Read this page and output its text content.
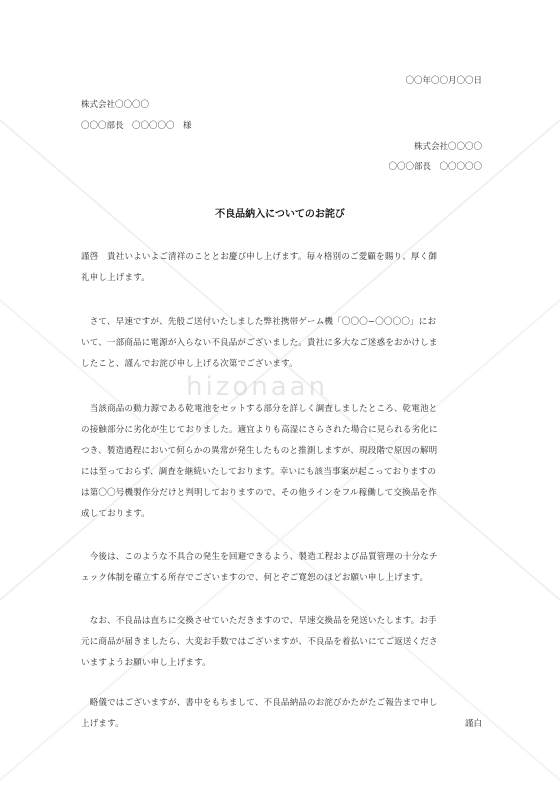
hizonaan
〇〇年〇〇月〇〇日
株式会社〇〇〇〇
〇〇〇部長　〇〇〇〇〇　様
株式会社〇〇〇〇
〇〇〇部長　〇〇〇〇〇
不良品納入についてのお詫び
謹啓　貴社いよいよご清祥のこととお慶び申し上げます。毎々格別のご愛顧を賜り、厚く御
礼申し上げます。
　さて、早速ですが、先般ご送付いたしました弊社携帯ゲーム機「〇〇〇−〇〇〇〇」にお
いて、一部商品に電源が入らない不良品がございました。貴社に多大なご迷惑をおかけしま
したこと、謹んでお詫び申し上げる次第でございます。
　当該商品の動力源である乾電池をセットする部分を詳しく調査しましたところ、乾電池と
の接触部分に劣化が生じておりました。適宜よりも高湿にさらされた場合に見られる劣化に
つき、製造過程において何らかの異常が発生したものと推測しますが、現段階で原因の解明
には至っておらず、調査を継続いたしております。幸いにも該当事案が起こっておりますの
は第〇〇号機製作分だけと判明しておりますので、その他ラインをフル稼働して交換品を作
成しております。
　今後は、このような不具合の発生を回避できるよう、製造工程および品質管理の十分なチ
ェック体制を確立する所存でございますので、何とぞご寛恕のほどお願い申し上げます。
　なお、不良品は直ちに交換させていただきますので、早速交換品を発送いたします。お手
元に商品が届きましたら、大変お手数ではございますが、不良品を着払いにてご返送くださ
いますようお願い申し上げます。
　略儀ではございますが、書中をもちまして、不良品納品のお詫びかたがたご報告まで申し
上げます。	謹白
